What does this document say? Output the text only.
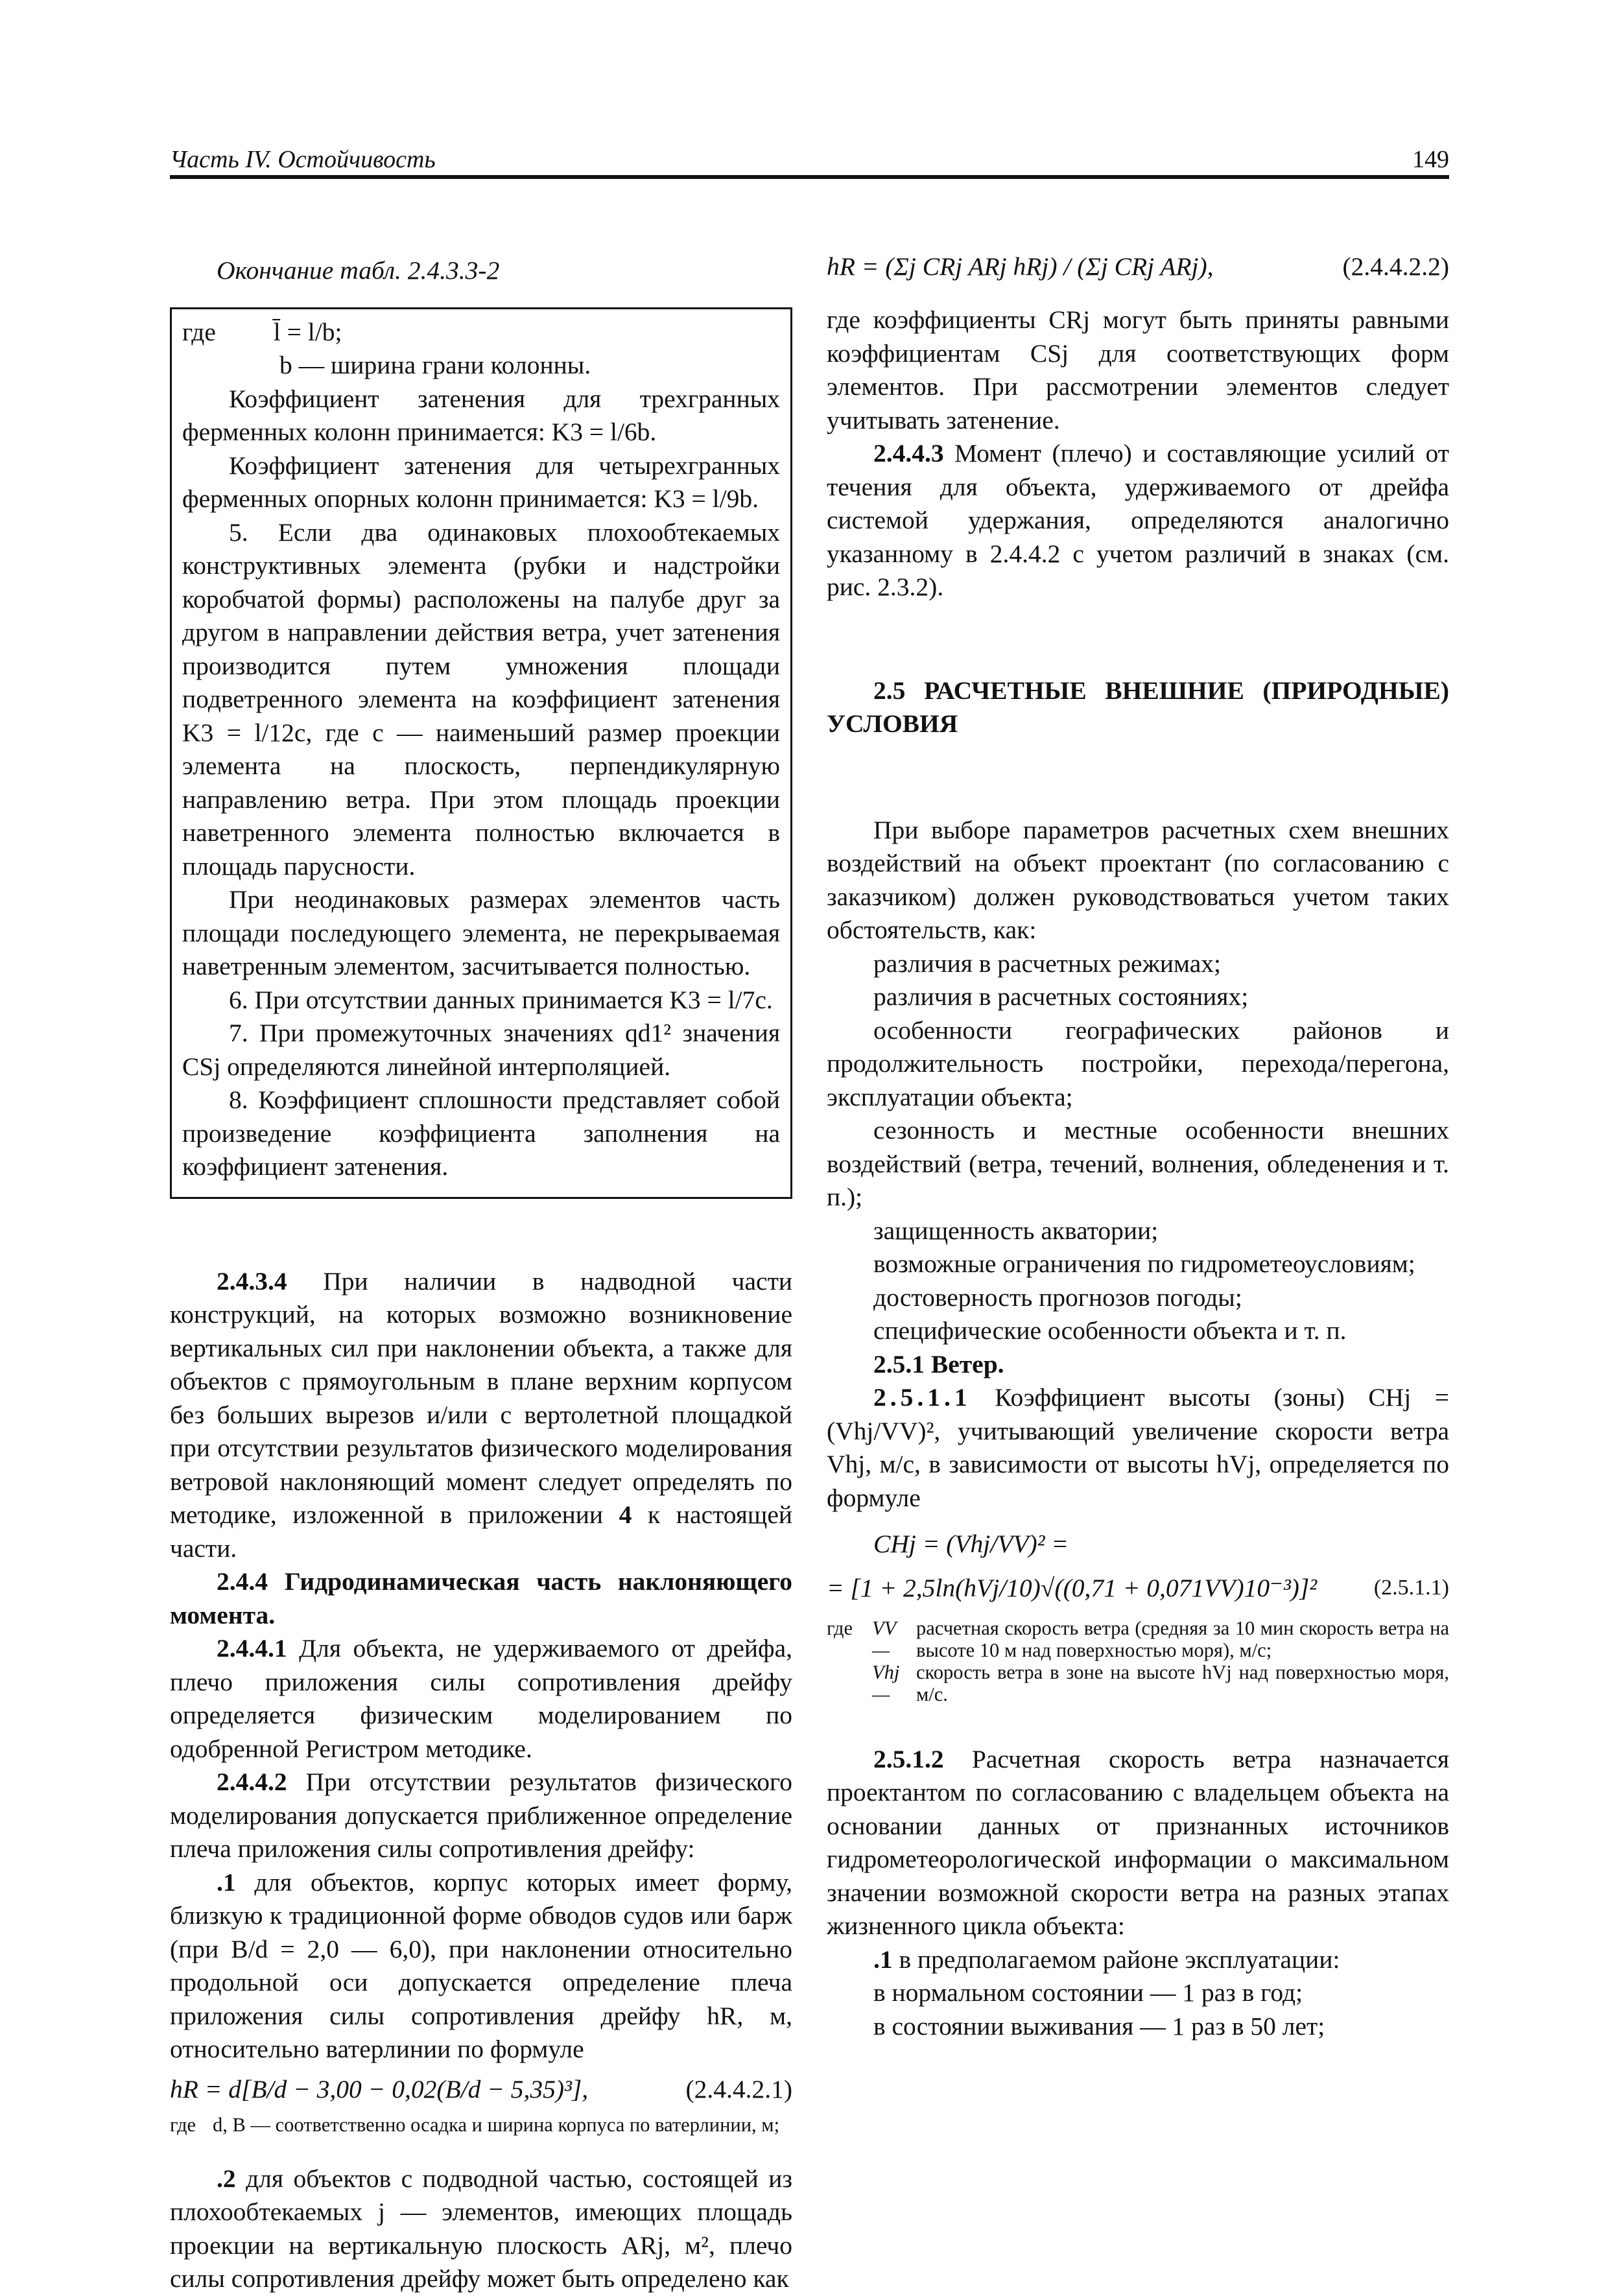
Часть IV. Остойчивость	149

Окончание табл. 2.4.3.3-2

где         l̄ = l/b;

b — ширина грани колонны.

Коэффициент затенения для трехгранных ферменных колонн принимается: K3 = l/6b.

Коэффициент затенения для четырехгранных ферменных опорных колонн принимается: K3 = l/9b.

5. Если два одинаковых плохообтекаемых конструктивных элемента (рубки и надстройки коробчатой формы) расположены на палубе друг за другом в направлении действия ветра, учет затенения производится путем умножения площади подветренного элемента на коэффициент затенения K3 = l/12c, где c — наименьший размер проекции элемента на плоскость, перпендикулярную направлению ветра. При этом площадь проекции наветренного элемента полностью включается в площадь парусности.

При неодинаковых размерах элементов часть площади последующего элемента, не перекрываемая наветренным элементом, засчитывается полностью.

6. При отсутствии данных принимается K3 = l/7c.

7. При промежуточных значениях qd1² значения CSj определяются линейной интерполяцией.

8. Коэффициент сплошности представляет собой произведение коэффициента заполнения на коэффициент затенения.

2.4.3.4 При наличии в надводной части конструкций, на которых возможно возникновение вертикальных сил при наклонении объекта, а также для объектов с прямоугольным в плане верхним корпусом без больших вырезов и/или с вертолетной площадкой при отсутствии результатов физического моделирования ветровой наклоняющий момент следует определять по методике, изложенной в приложении 4 к настоящей части.

2.4.4 Гидродинамическая часть наклоняющего момента.

2.4.4.1 Для объекта, не удерживаемого от дрейфа, плечо приложения силы сопротивления дрейфу определяется физическим моделированием по одобренной Регистром методике.

2.4.4.2 При отсутствии результатов физического моделирования допускается приближенное определение плеча приложения силы сопротивления дрейфу:

.1 для объектов, корпус которых имеет форму, близкую к традиционной форме обводов судов или барж (при B/d = 2,0 — 6,0), при наклонении относительно продольной оси допускается определение плеча приложения силы сопротивления дрейфу hR, м, относительно ватерлинии по формуле

hR = d[B/d − 3,00 − 0,02(B/d − 5,35)³],	(2.4.4.2.1)
где d, B — соответственно осадка и ширина корпуса по ватерлинии, м;

.2 для объектов с подводной частью, состоящей из плохообтекаемых j — элементов, имеющих площадь проекции на вертикальную плоскость ARj, м², плечо силы сопротивления дрейфу может быть определено как

hR = (Σj CRj ARj hRj) / (Σj CRj ARj),	(2.4.4.2.2)

где коэффициенты CRj могут быть приняты равными коэффициентам CSj для соответствующих форм элементов. При рассмотрении элементов следует учитывать затенение.

2.4.4.3 Момент (плечо) и составляющие усилий от течения для объекта, удерживаемого от дрейфа системой удержания, определяются аналогично указанному в 2.4.4.2 с учетом различий в знаках (см. рис. 2.3.2).

2.5 РАСЧЕТНЫЕ ВНЕШНИЕ (ПРИРОДНЫЕ) УСЛОВИЯ

При выборе параметров расчетных схем внешних воздействий на объект проектант (по согласованию с заказчиком) должен руководствоваться учетом таких обстоятельств, как:

различия в расчетных режимах;

различия в расчетных состояниях;

особенности географических районов и продолжительность постройки, перехода/перегона, эксплуатации объекта;

сезонность и местные особенности внешних воздействий (ветра, течений, волнения, обледенения и т. п.);

защищенность акватории;

возможные ограничения по гидрометеоусловиям;

достоверность прогнозов погоды;

специфические особенности объекта и т. п.

2.5.1 Ветер.

2.5.1.1 Коэффициент высоты (зоны) CHj = (Vhj/VV)², учитывающий увеличение скорости ветра Vhj, м/с, в зависимости от высоты hVj, определяется по формуле

CHj = (Vhj/VV)² =

= [1 + 2,5ln(hVj/10)√((0,71 + 0,071VV)10⁻³)]²	(2.5.1.1)
где VV —
расчетная скорость ветра (средняя за 10 мин скорость ветра на высоте 10 м над поверхностью моря), м/с;
Vhj —
скорость ветра в зоне на высоте hVj над поверхностью моря, м/с.

2.5.1.2 Расчетная скорость ветра назначается проектантом по согласованию с владельцем объекта на основании данных от признанных источников гидрометеорологической информации о максимальном значении возможной скорости ветра на разных этапах жизненного цикла объекта:

.1 в предполагаемом районе эксплуатации:

в нормальном состоянии — 1 раз в год;

в состоянии выживания — 1 раз в 50 лет;
